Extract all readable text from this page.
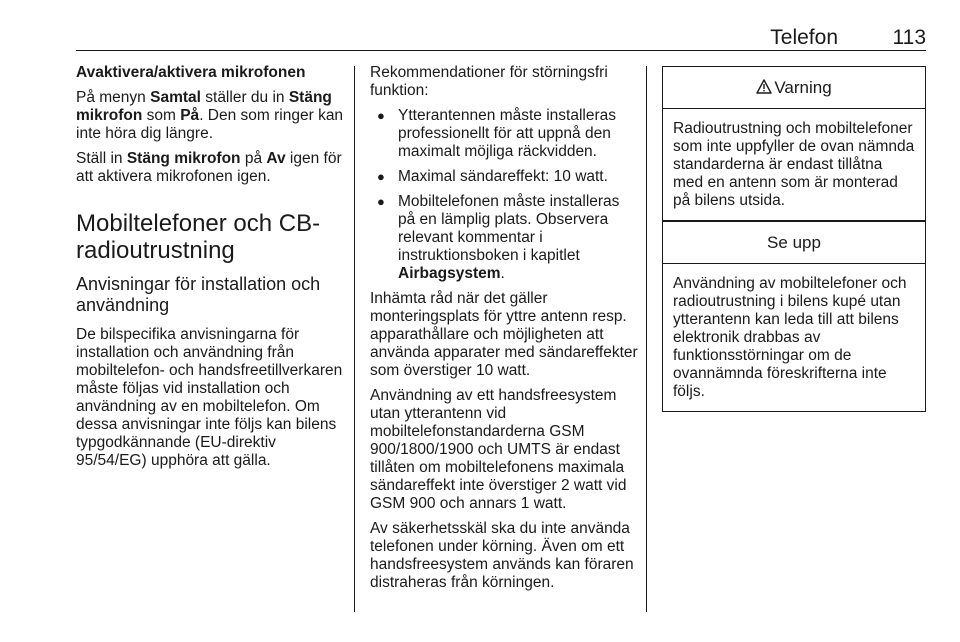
Telefon	113

Avaktivera/aktivera mikrofonen

På menyn Samtal ställer du in Stäng mikrofon som På. Den som ringer kan inte höra dig längre.

Ställ in Stäng mikrofon på Av igen för att aktivera mikrofonen igen.

Mobiltelefoner och CB-radioutrustning
Anvisningar för installation och användning

De bilspecifika anvisningarna för installation och användning från mobiltelefon- och handsfreetillverkaren måste följas vid installation och användning av en mobiltelefon. Om dessa anvisningar inte följs kan bilens typgodkännande (EU-direktiv 95/54/EG) upphöra att gälla.

Rekommendationer för störningsfri funktion:

● Ytterantennen måste installeras professionellt för att uppnå den maximalt möjliga räckvidden.
● Maximal sändareffekt: 10 watt.
● Mobiltelefonen måste installeras på en lämplig plats. Observera relevant kommentar i instruktionsboken i kapitlet Airbagsystem.

Inhämta råd när det gäller monteringsplats för yttre antenn resp. apparathållare och möjligheten att använda apparater med sändareffekter som överstiger 10 watt.

Användning av ett handsfreesystem utan ytterantenn vid mobiltelefonstandarderna GSM 900/1800/1900 och UMTS är endast tillåten om mobiltelefonens maximala sändareffekt inte överstiger 2 watt vid GSM 900 och annars 1 watt.

Av säkerhetsskäl ska du inte använda telefonen under körning. Även om ett handsfreesystem används kan föraren distraheras från körningen.

Varning
Radioutrustning och mobiltelefoner som inte uppfyller de ovan nämnda standarderna är endast tillåtna med en antenn som är monterad på bilens utsida.
Se upp
Användning av mobiltelefoner och radioutrustning i bilens kupé utan ytterantenn kan leda till att bilens elektronik drabbas av funktionsstörningar om de ovannämnda föreskrifterna inte följs.
